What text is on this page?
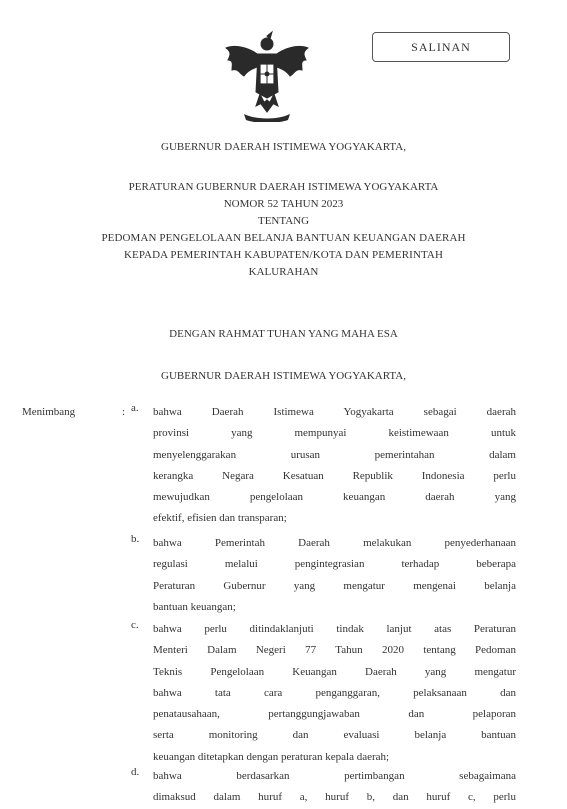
SALINAN
GUBERNUR DAERAH ISTIMEWA YOGYAKARTA,
PERATURAN GUBERNUR DAERAH ISTIMEWA YOGYAKARTA
NOMOR 52 TAHUN 2023
TENTANG
PEDOMAN PENGELOLAAN BELANJA BANTUAN KEUANGAN DAERAH
KEPADA PEMERINTAH KABUPATEN/KOTA DAN PEMERINTAH
KALURAHAN
DENGAN RAHMAT TUHAN YANG MAHA ESA
GUBERNUR DAERAH ISTIMEWA YOGYAKARTA,
Menimbang	: a. bahwa Daerah Istimewa Yogyakarta sebagai daerah
provinsi yang mempunyai keistimewaan untuk
menyelenggarakan urusan pemerintahan dalam
kerangka Negara Kesatuan Republik Indonesia perlu
mewujudkan pengelolaan keuangan daerah yang
efektif, efisien dan transparan;
b. bahwa Pemerintah Daerah melakukan penyederhanaan
regulasi melalui pengintegrasian terhadap beberapa
Peraturan Gubernur yang mengatur mengenai belanja
bantuan keuangan;
c. bahwa perlu ditindaklanjuti tindak lanjut atas Peraturan
Menteri Dalam Negeri 77 Tahun 2020 tentang Pedoman
Teknis Pengelolaan Keuangan Daerah yang mengatur
bahwa tata cara penganggaran, pelaksanaan dan
penatausahaan, pertanggungjawaban dan pelaporan
serta monitoring dan evaluasi belanja bantuan
keuangan ditetapkan dengan peraturan kepala daerah;
d. bahwa berdasarkan pertimbangan sebagaimana
dimaksud dalam huruf a, huruf b, dan huruf c, perlu
